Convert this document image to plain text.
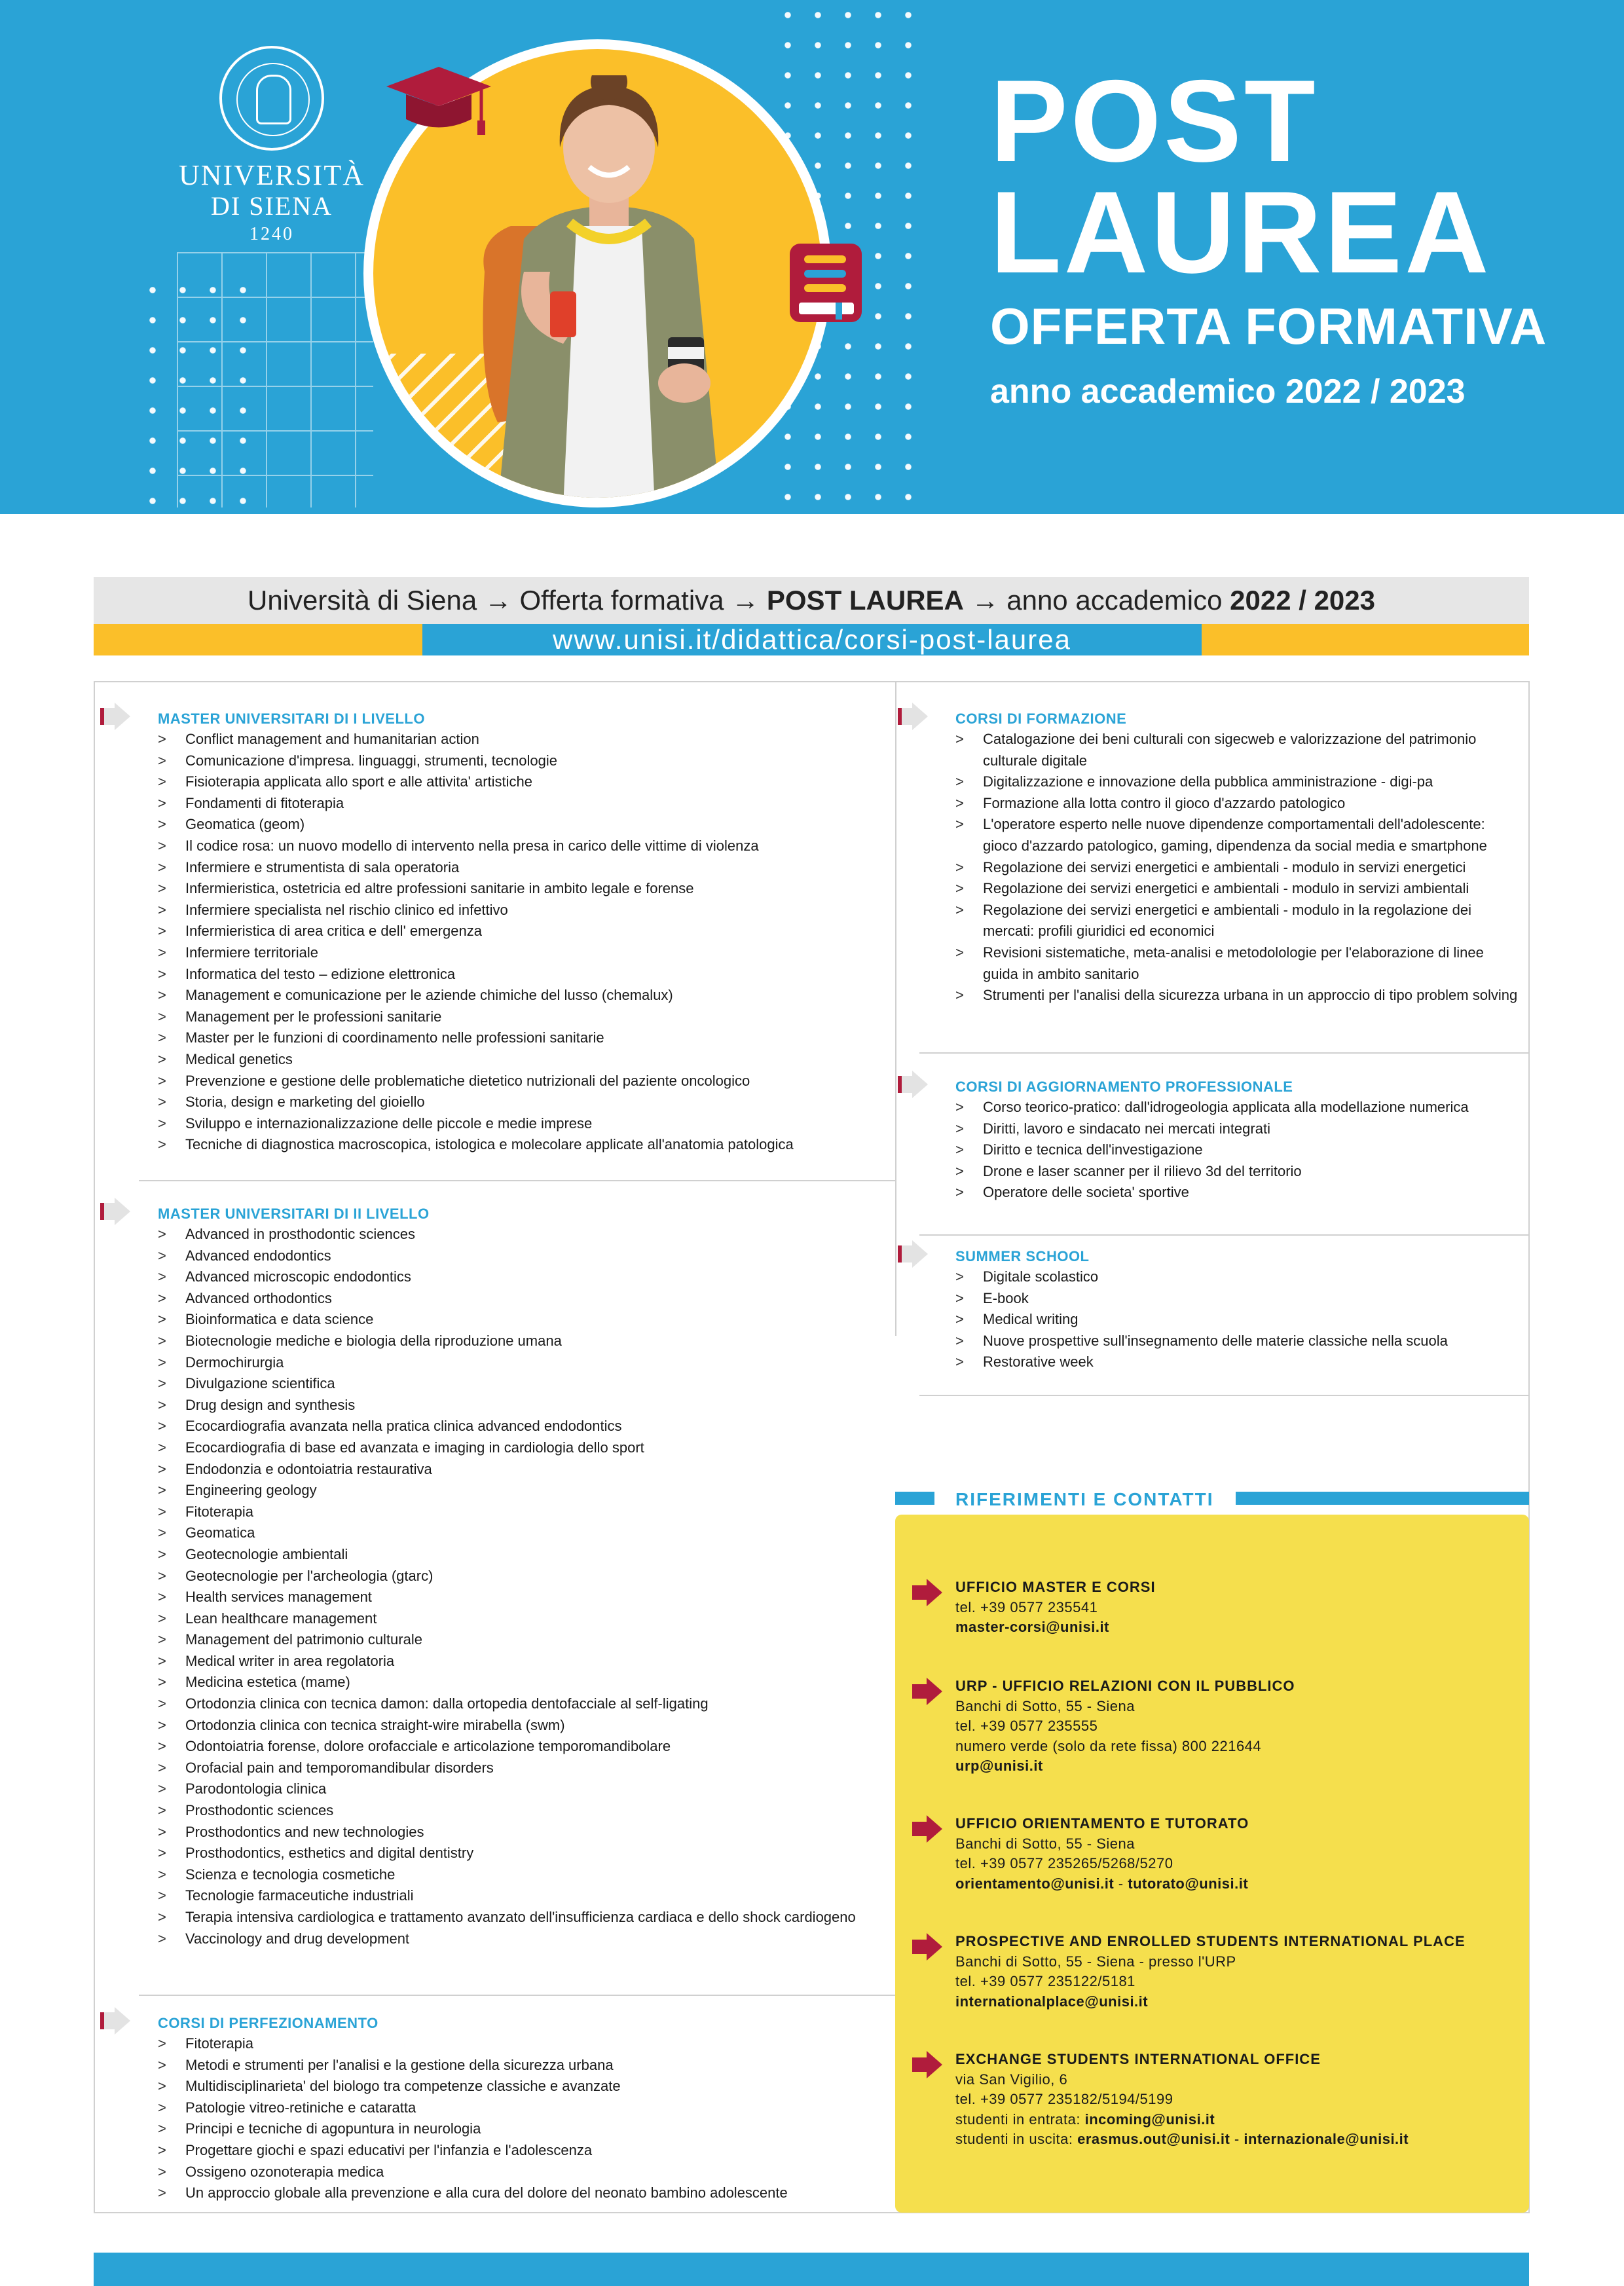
UNIVERSITÀ
DI SIENA
1240
POST
LAUREA
OFFERTA FORMATIVA
anno accademico 2022 / 2023
Università di Siena → Offerta formativa → POST LAUREA → anno accademico 2022 / 2023
www.unisi.it/didattica/corsi-post-laurea
MASTER UNIVERSITARI DI I LIVELLO
> Conflict management and humanitarian action
> Comunicazione d'impresa. linguaggi, strumenti, tecnologie
> Fisioterapia applicata allo sport e alle attivita' artistiche
> Fondamenti di fitoterapia
> Geomatica (geom)
> Il codice rosa: un nuovo modello di intervento nella presa in carico delle vittime di violenza
> Infermiere e strumentista di sala operatoria
> Infermieristica, ostetricia ed altre professioni sanitarie in ambito legale e forense
> Infermiere specialista nel rischio clinico ed infettivo
> Infermieristica di area critica e dell' emergenza
> Infermiere territoriale
> Informatica del testo – edizione elettronica
> Management e comunicazione per le aziende chimiche del lusso (chemalux)
> Management per le professioni sanitarie
> Master per le funzioni di coordinamento nelle professioni sanitarie
> Medical genetics
> Prevenzione e gestione delle problematiche dietetico nutrizionali del paziente oncologico
> Storia, design e marketing del gioiello
> Sviluppo e internazionalizzazione delle piccole e medie imprese
> Tecniche di diagnostica macroscopica, istologica e molecolare applicate all'anatomia patologica
MASTER UNIVERSITARI DI II LIVELLO
> Advanced in prosthodontic sciences
> Advanced endodontics
> Advanced microscopic endodontics
> Advanced orthodontics
> Bioinformatica e data science
> Biotecnologie mediche e biologia della riproduzione umana
> Dermochirurgia
> Divulgazione scientifica
> Drug design and synthesis
> Ecocardiografia avanzata nella pratica clinica advanced endodontics
> Ecocardiografia di base ed avanzata e imaging in cardiologia dello sport
> Endodonzia e odontoiatria restaurativa
> Engineering geology
> Fitoterapia
> Geomatica
> Geotecnologie ambientali
> Geotecnologie per l'archeologia (gtarc)
> Health services management
> Lean healthcare management
> Management del patrimonio culturale
> Medical writer in area regolatoria
> Medicina estetica (mame)
> Ortodonzia clinica con tecnica damon: dalla ortopedia dentofacciale al self-ligating
> Ortodonzia clinica con tecnica straight-wire mirabella (swm)
> Odontoiatria forense, dolore orofacciale e articolazione temporomandibolare
> Orofacial pain and temporomandibular disorders
> Parodontologia clinica
> Prosthodontic sciences
> Prosthodontics and new technologies
> Prosthodontics, esthetics and digital dentistry
> Scienza e tecnologia cosmetiche
> Tecnologie farmaceutiche industriali
> Terapia intensiva cardiologica e trattamento avanzato dell'insufficienza cardiaca e dello shock cardiogeno
> Vaccinology and drug development
CORSI DI PERFEZIONAMENTO
> Fitoterapia
> Metodi e strumenti per l'analisi e la gestione della sicurezza urbana
> Multidisciplinarieta' del biologo tra competenze classiche e avanzate
> Patologie vitreo-retiniche e cataratta
> Principi e tecniche di agopuntura in neurologia
> Progettare giochi e spazi educativi per l'infanzia e l'adolescenza
> Ossigeno ozonoterapia medica
> Un approccio globale alla prevenzione e alla cura del dolore del neonato bambino adolescente
CORSI DI FORMAZIONE
> Catalogazione dei beni culturali con sigecweb e valorizzazione del patrimonio culturale digitale
> Digitalizzazione e innovazione della pubblica amministrazione - digi-pa
> Formazione alla lotta contro il gioco d'azzardo patologico
> L'operatore esperto nelle nuove dipendenze comportamentali dell'adolescente: gioco d'azzardo patologico, gaming, dipendenza da social media e smartphone
> Regolazione dei servizi energetici e ambientali - modulo in servizi energetici
> Regolazione dei servizi energetici e ambientali - modulo in servizi ambientali
> Regolazione dei servizi energetici e ambientali - modulo in la regolazione dei mercati: profili giuridici ed economici
> Revisioni sistematiche, meta-analisi e metodolologie per l'elaborazione di linee guida in ambito sanitario
> Strumenti per l'analisi della sicurezza urbana in un approccio di tipo problem solving
CORSI DI AGGIORNAMENTO PROFESSIONALE
> Corso teorico-pratico: dall'idrogeologia applicata alla modellazione numerica
> Diritti, lavoro e sindacato nei mercati integrati
> Diritto e tecnica dell'investigazione
> Drone e laser scanner per il rilievo 3d del territorio
> Operatore delle societa' sportive
SUMMER SCHOOL
> Digitale scolastico
> E-book
> Medical writing
> Nuove prospettive sull'insegnamento delle materie classiche nella scuola
> Restorative week
RIFERIMENTI E CONTATTI
UFFICIO MASTER E CORSI
tel. +39 0577 235541
master-corsi@unisi.it
URP - UFFICIO RELAZIONI CON IL PUBBLICO
Banchi di Sotto, 55 - Siena
tel. +39 0577 235555
numero verde (solo da rete fissa) 800 221644
urp@unisi.it
UFFICIO ORIENTAMENTO E TUTORATO
Banchi di Sotto, 55 - Siena
tel. +39 0577 235265/5268/5270
orientamento@unisi.it - tutorato@unisi.it
PROSPECTIVE AND ENROLLED STUDENTS INTERNATIONAL PLACE
Banchi di Sotto, 55 - Siena - presso l'URP
tel. +39 0577 235122/5181
internationalplace@unisi.it
EXCHANGE STUDENTS INTERNATIONAL OFFICE
via San Vigilio, 6
tel. +39 0577 235182/5194/5199
studenti in entrata: incoming@unisi.it
studenti in uscita: erasmus.out@unisi.it - internazionale@unisi.it
